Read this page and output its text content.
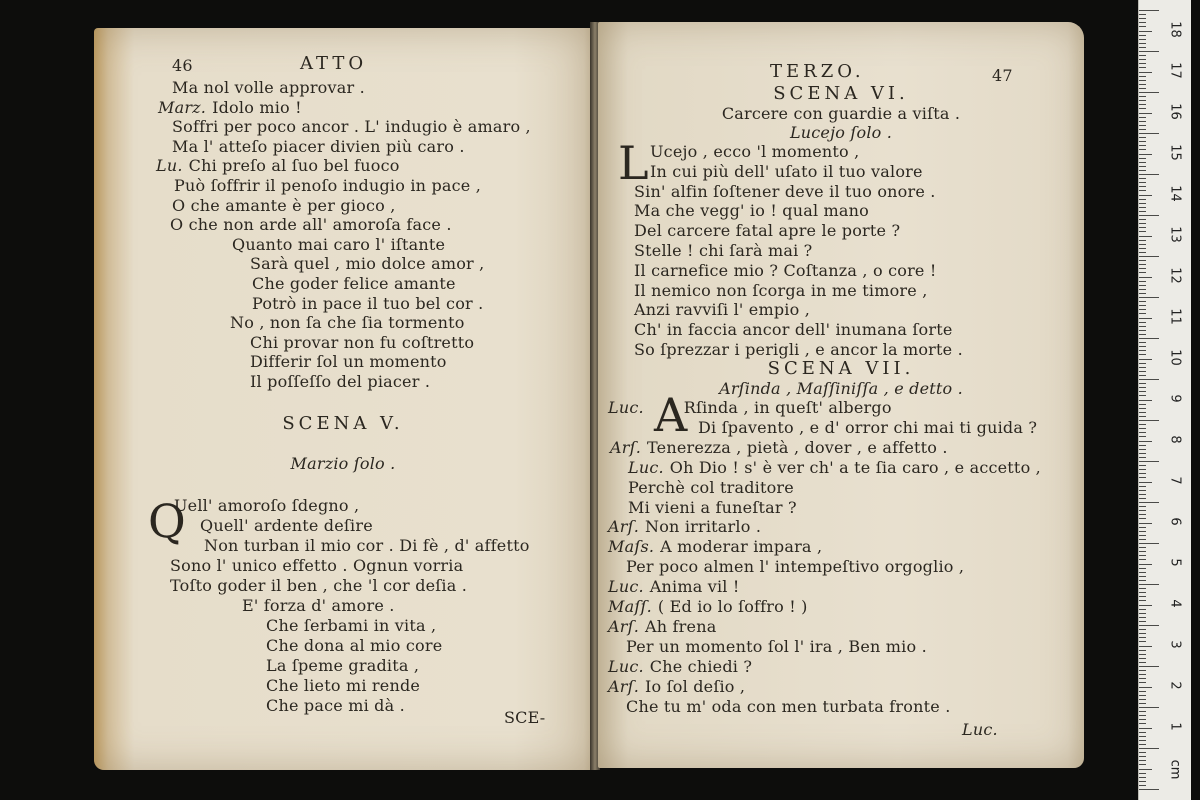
46	ATTO
Ma nol volle approvar .
Marz. Idolo mio !
Soffri per poco ancor . L' indugio è amaro ,
Ma l' atteſo piacer divien più caro .
Lu. Chi preſo al ſuo bel fuoco
Può ſoffrir il penoſo indugio in pace ,
O che amante è per gioco ,
O che non arde all' amoroſa face .
Quanto mai caro l' iſtante
Sarà quel , mio dolce amor ,
Che goder felice amante
Potrò in pace il tuo bel cor .
No , non ſa che ſia tormento
Chi provar non fu coſtretto
Differir ſol un momento
Il poſſeſſo del piacer .
SCENA V.
Marzio ſolo .
Q
Uell' amoroſo ſdegno ,
Quell' ardente deſire
Non turban il mio cor . Di fè , d' affetto
Sono l' unico effetto . Ognun vorria
Toſto goder il ben , che 'l cor deſia .
E' forza d' amore .
Che ſerbami in vita ,
Che dona al mio core
La ſpeme gradita ,
Che lieto mi rende
Che pace mi dà .
SCE-
TERZO.	47
SCENA VI.
Carcere con guardie a viſta .
Lucejo ſolo .
L Ucejo , ecco 'l momento ,
In cui più dell' uſato il tuo valore
Sin' alfin ſoſtener deve il tuo onore .
Ma che vegg' io ! qual mano
Del carcere fatal apre le porte ?
Stelle ! chi ſarà mai ?
Il carnefice mio ? Coſtanza , o core !
Il nemico non ſcorga in me timore ,
Anzi ravviſi l' empio ,
Ch' in faccia ancor dell' inumana ſorte
So ſprezzar i perigli , e ancor la morte .
SCENA VII.
Arſinda , Maſſiniſſa , e detto .
A
Luc.	Rſinda , in queſt' albergo
Di ſpavento , e d' orror chi mai ti guida ?
Arſ. Tenerezza , pietà , dover , e affetto .
Luc. Oh Dio ! s' è ver ch' a te ſia caro , e accetto ,
Perchè col traditore
Mi vieni a funeſtar ?
Arſ. Non irritarlo .
Maſs. A moderar impara ,
Per poco almen l' intempeſtivo orgoglio ,
Luc. Anima vil !
Maſſ. ( Ed io lo ſoffro ! )
Arſ. Ah frena
Per un momento ſol l' ira , Ben mio .
Luc. Che chiedi ?
Arſ. Io ſol deſio ,
Che tu m' oda con men turbata fronte .
Luc.
18
17
16
15
14
13
12
11
10
9
8
7
6
5
4
3
2
1
cm
